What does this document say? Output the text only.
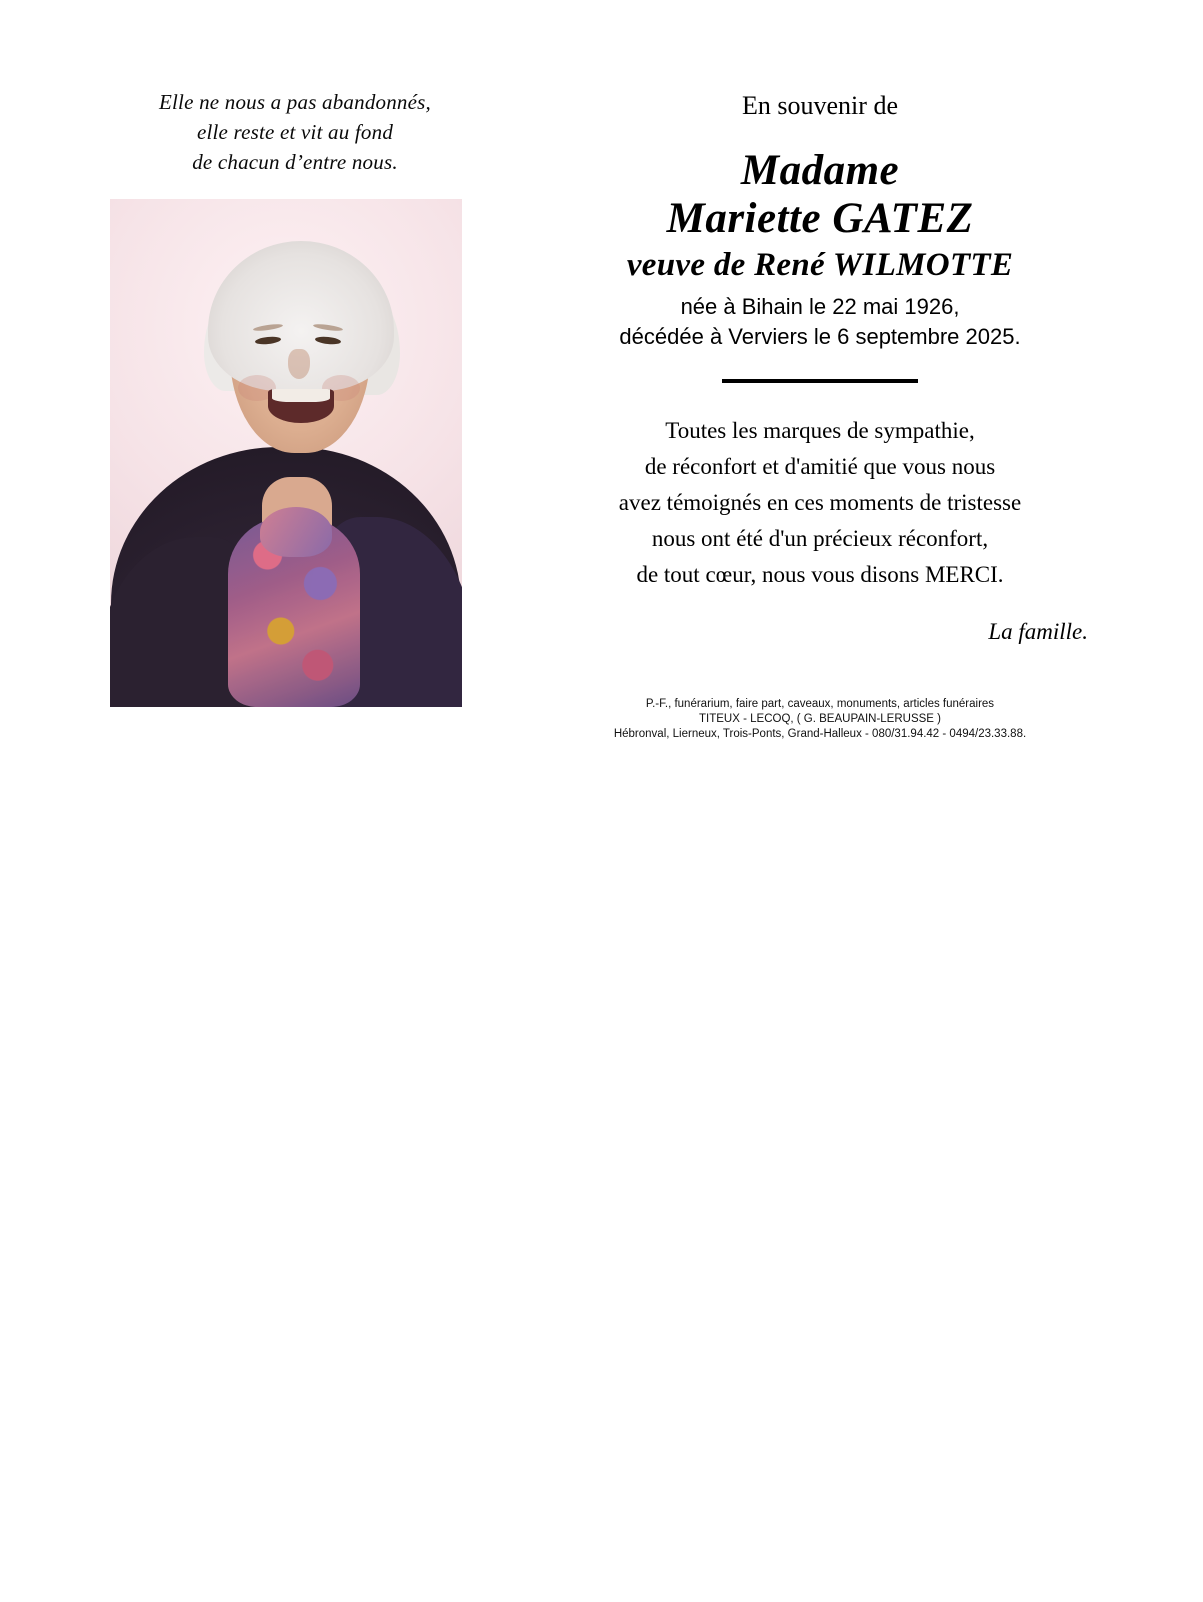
Elle ne nous a pas abandonnés,
elle reste et vit au fond
de chacun d’entre nous.
En souvenir de
Madame
Mariette GATEZ
veuve de René WILMOTTE
née à Bihain le 22 mai 1926,
décédée à Verviers le 6 septembre 2025.
Toutes les marques de sympathie,
de réconfort et d'amitié que vous nous
avez témoignés en ces moments de tristesse
nous ont été d'un précieux réconfort,
de tout cœur, nous vous disons MERCI.
La famille.
P.-F., funérarium, faire part, caveaux, monuments, articles funéraires
TITEUX - LECOQ, ( G. BEAUPAIN-LERUSSE )
Hébronval, Lierneux, Trois-Ponts, Grand-Halleux - 080/31.94.42 - 0494/23.33.88.
